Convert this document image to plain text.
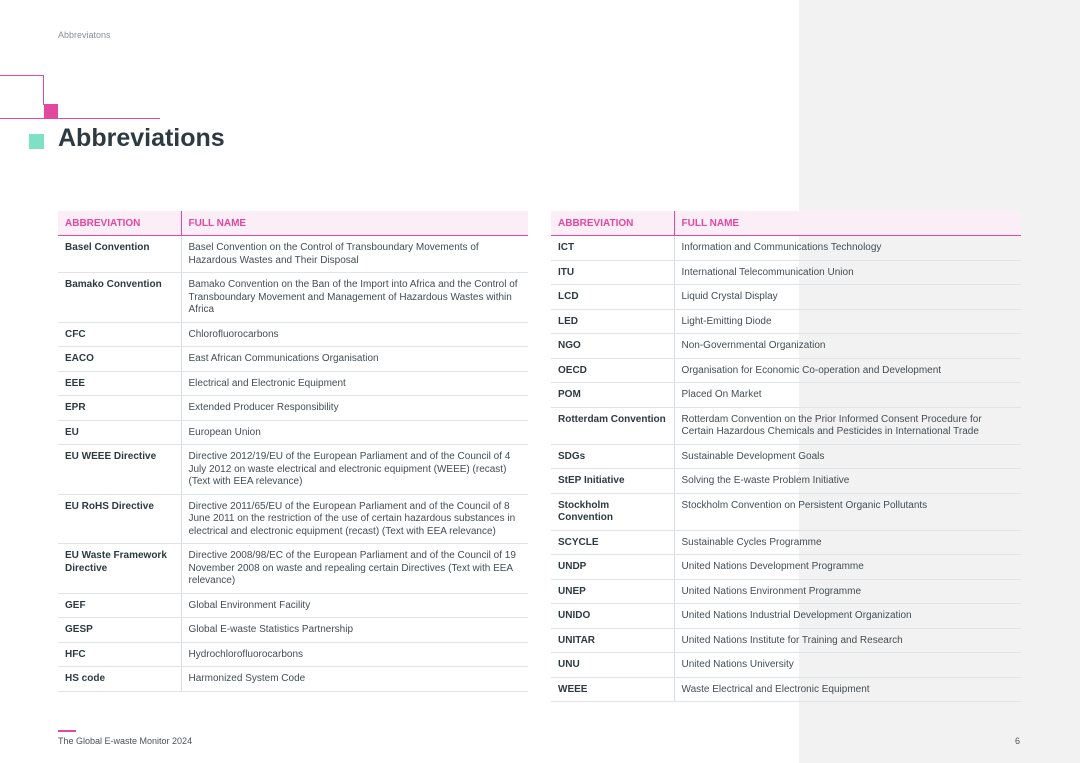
Abbreviatons
Abbreviations
ABBREVIATION	FULL NAME
Basel Convention	Basel Convention on the Control of Transboundary Movements of Hazardous Wastes and Their Disposal
Bamako Convention	Bamako Convention on the Ban of the Import into Africa and the Control of Transboundary Movement and Management of Hazardous Wastes within Africa
CFC	Chlorofluorocarbons
EACO	East African Communications Organisation
EEE	Electrical and Electronic Equipment
EPR	Extended Producer Responsibility
EU	European Union
EU WEEE Directive	Directive 2012/19/EU of the European Parliament and of the Council of 4 July 2012 on waste electrical and electronic equipment (WEEE) (recast) (Text with EEA relevance)
EU RoHS Directive	Directive 2011/65/EU of the European Parliament and of the Council of 8 June 2011 on the restriction of the use of certain hazardous substances in electrical and electronic equipment (recast) (Text with EEA relevance)
EU Waste Framework Directive	Directive 2008/98/EC of the European Parliament and of the Council of 19 November 2008 on waste and repealing certain Directives (Text with EEA relevance)
GEF	Global Environment Facility
GESP	Global E-waste Statistics Partnership
HFC	Hydrochlorofluorocarbons
HS code	Harmonized System Code
ABBREVIATION	FULL NAME
ICT	Information and Communications Technology
ITU	International Telecommunication Union
LCD	Liquid Crystal Display
LED	Light-Emitting Diode
NGO	Non-Governmental Organization
OECD	Organisation for Economic Co-operation and Development
POM	Placed On Market
Rotterdam Convention	Rotterdam Convention on the Prior Informed Consent Procedure for Certain Hazardous Chemicals and Pesticides in International Trade
SDGs	Sustainable Development Goals
StEP Initiative	Solving the E-waste Problem Initiative
Stockholm Convention	Stockholm Convention on Persistent Organic Pollutants
SCYCLE	Sustainable Cycles Programme
UNDP	United Nations Development Programme
UNEP	United Nations Environment Programme
UNIDO	United Nations Industrial Development Organization
UNITAR	United Nations Institute for Training and Research
UNU	United Nations University
WEEE	Waste Electrical and Electronic Equipment
The Global E-waste Monitor 2024	6
